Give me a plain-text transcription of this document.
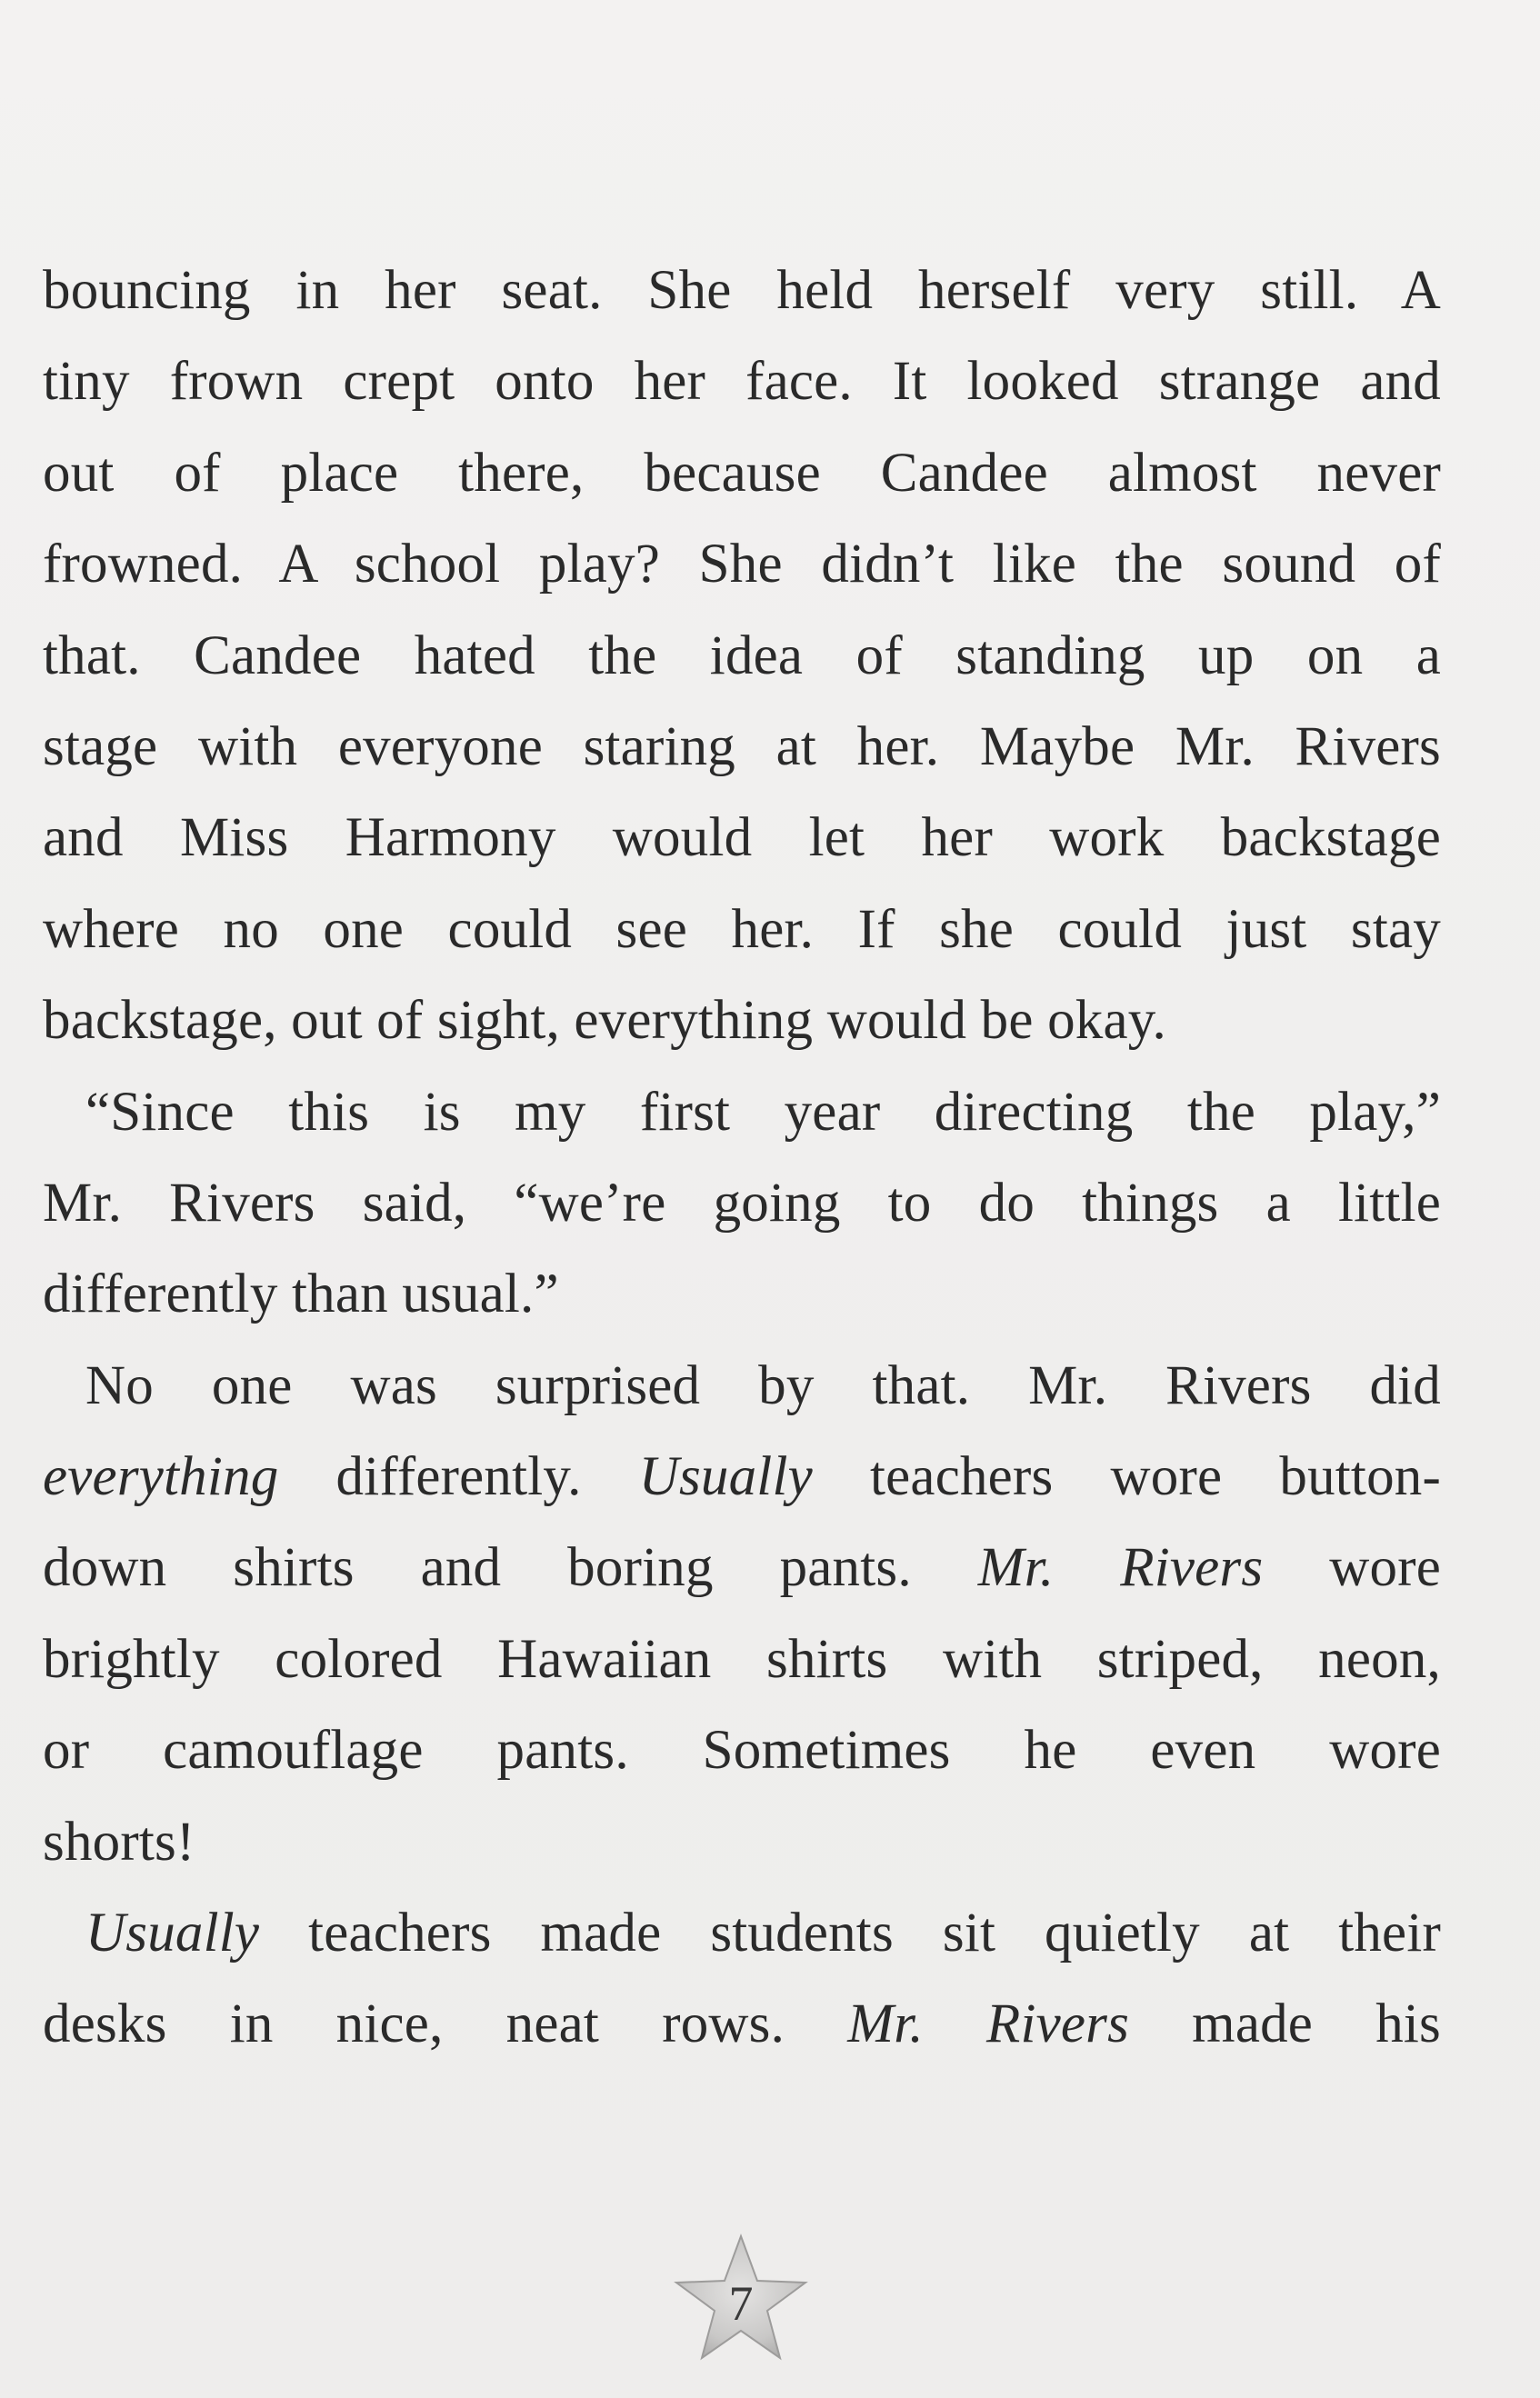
bouncing in her seat. She held herself very still. A
tiny frown crept onto her face. It looked strange and
out of place there, because Candee almost never
frowned. A school play? She didn’t like the sound of
that. Candee hated the idea of standing up on a
stage with everyone staring at her. Maybe Mr. Rivers
and Miss Harmony would let her work backstage
where no one could see her. If she could just stay
backstage, out of sight, everything would be okay.
“Since this is my first year directing the play,”
Mr. Rivers said, “we’re going to do things a little
differently than usual.”
No one was surprised by that. Mr. Rivers did
everything differently. Usually teachers wore button-
down shirts and boring pants. Mr. Rivers wore
brightly colored Hawaiian shirts with striped, neon,
or camouflage pants. Sometimes he even wore
shorts!
Usually teachers made students sit quietly at their
desks in nice, neat rows. Mr. Rivers made his
7
